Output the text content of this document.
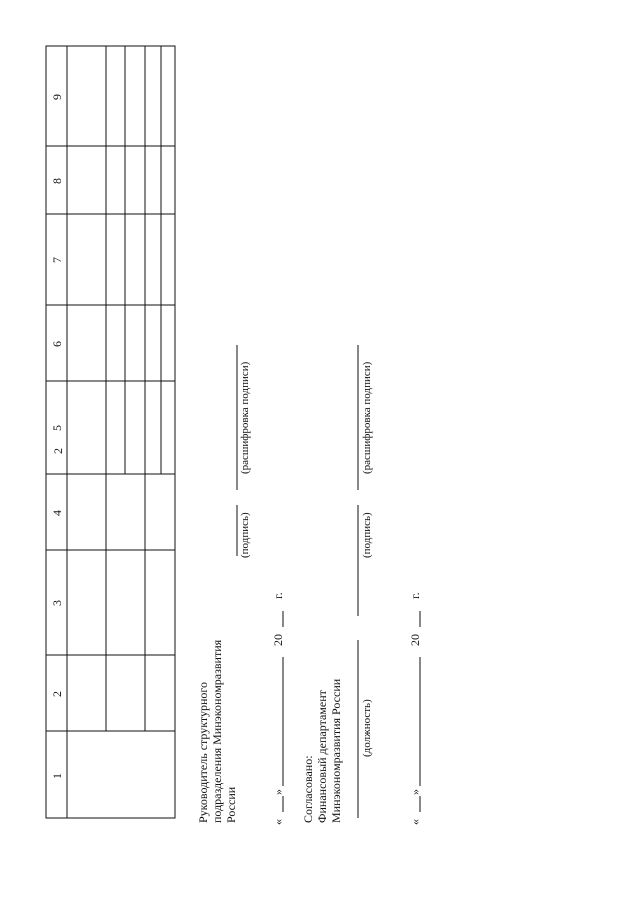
2
1
2
3
4
5
6
7
8
9
Руководитель структурного подразделения Минэкономразвития России
(подпись)
(расшифровка подписи)
«
»
20
г.
Согласовано: Финансовый департамент Минэкономразвития России (должность)
(подпись)
(расшифровка подписи)
«
»
20
г.
